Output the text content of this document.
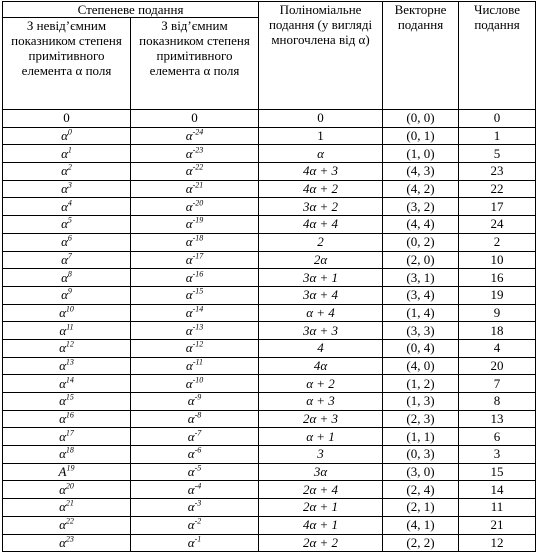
Степеневе подання		Поліноміальне подання (у вигляді многочлена від α)	Векторне подання	Числове подання
З невід’ємним показником степеня примітивного елемента α поля	З від’ємним показником степеня примітивного елемента α поля			
0	0	0	(0, 0)	0
$\alpha^0$	$\alpha^{-24}$	1	(0, 1)	1
$\alpha^1$	$\alpha^{-23}$	α	(1, 0)	5
$\alpha^2$	$\alpha^{-22}$	4α + 3	(4, 3)	23
$\alpha^3$	$\alpha^{-21}$	4α + 2	(4, 2)	22
$\alpha^4$	$\alpha^{-20}$	3α + 2	(3, 2)	17
$\alpha^5$	$\alpha^{-19}$	4α + 4	(4, 4)	24
$\alpha^6$	$\alpha^{-18}$	2	(0, 2)	2
$\alpha^7$	$\alpha^{-17}$	2α	(2, 0)	10
$\alpha^8$	$\alpha^{-16}$	3α + 1	(3, 1)	16
$\alpha^9$	$\alpha^{-15}$	3α + 4	(3, 4)	19
$\alpha^{10}$	$\alpha^{-14}$	α + 4	(1, 4)	9
$\alpha^{11}$	$\alpha^{-13}$	3α + 3	(3, 3)	18
$\alpha^{12}$	$\alpha^{-12}$	4	(0, 4)	4
$\alpha^{13}$	$\alpha^{-11}$	4α	(4, 0)	20
$\alpha^{14}$	$\alpha^{-10}$	α + 2	(1, 2)	7
$\alpha^{15}$	$\alpha^{-9}$	α + 3	(1, 3)	8
$\alpha^{16}$	$\alpha^{-8}$	2α + 3	(2, 3)	13
$\alpha^{17}$	$\alpha^{-7}$	α + 1	(1, 1)	6
$\alpha^{18}$	$\alpha^{-6}$	3	(0, 3)	3
$A^{19}$	$\alpha^{-5}$	3α	(3, 0)	15
$\alpha^{20}$	$\alpha^{-4}$	2α + 4	(2, 4)	14
$\alpha^{21}$	$\alpha^{-3}$	2α + 1	(2, 1)	11
$\alpha^{22}$	$\alpha^{-2}$	4α + 1	(4, 1)	21
$\alpha^{23}$	$\alpha^{-1}$	2α + 2	(2, 2)	12
